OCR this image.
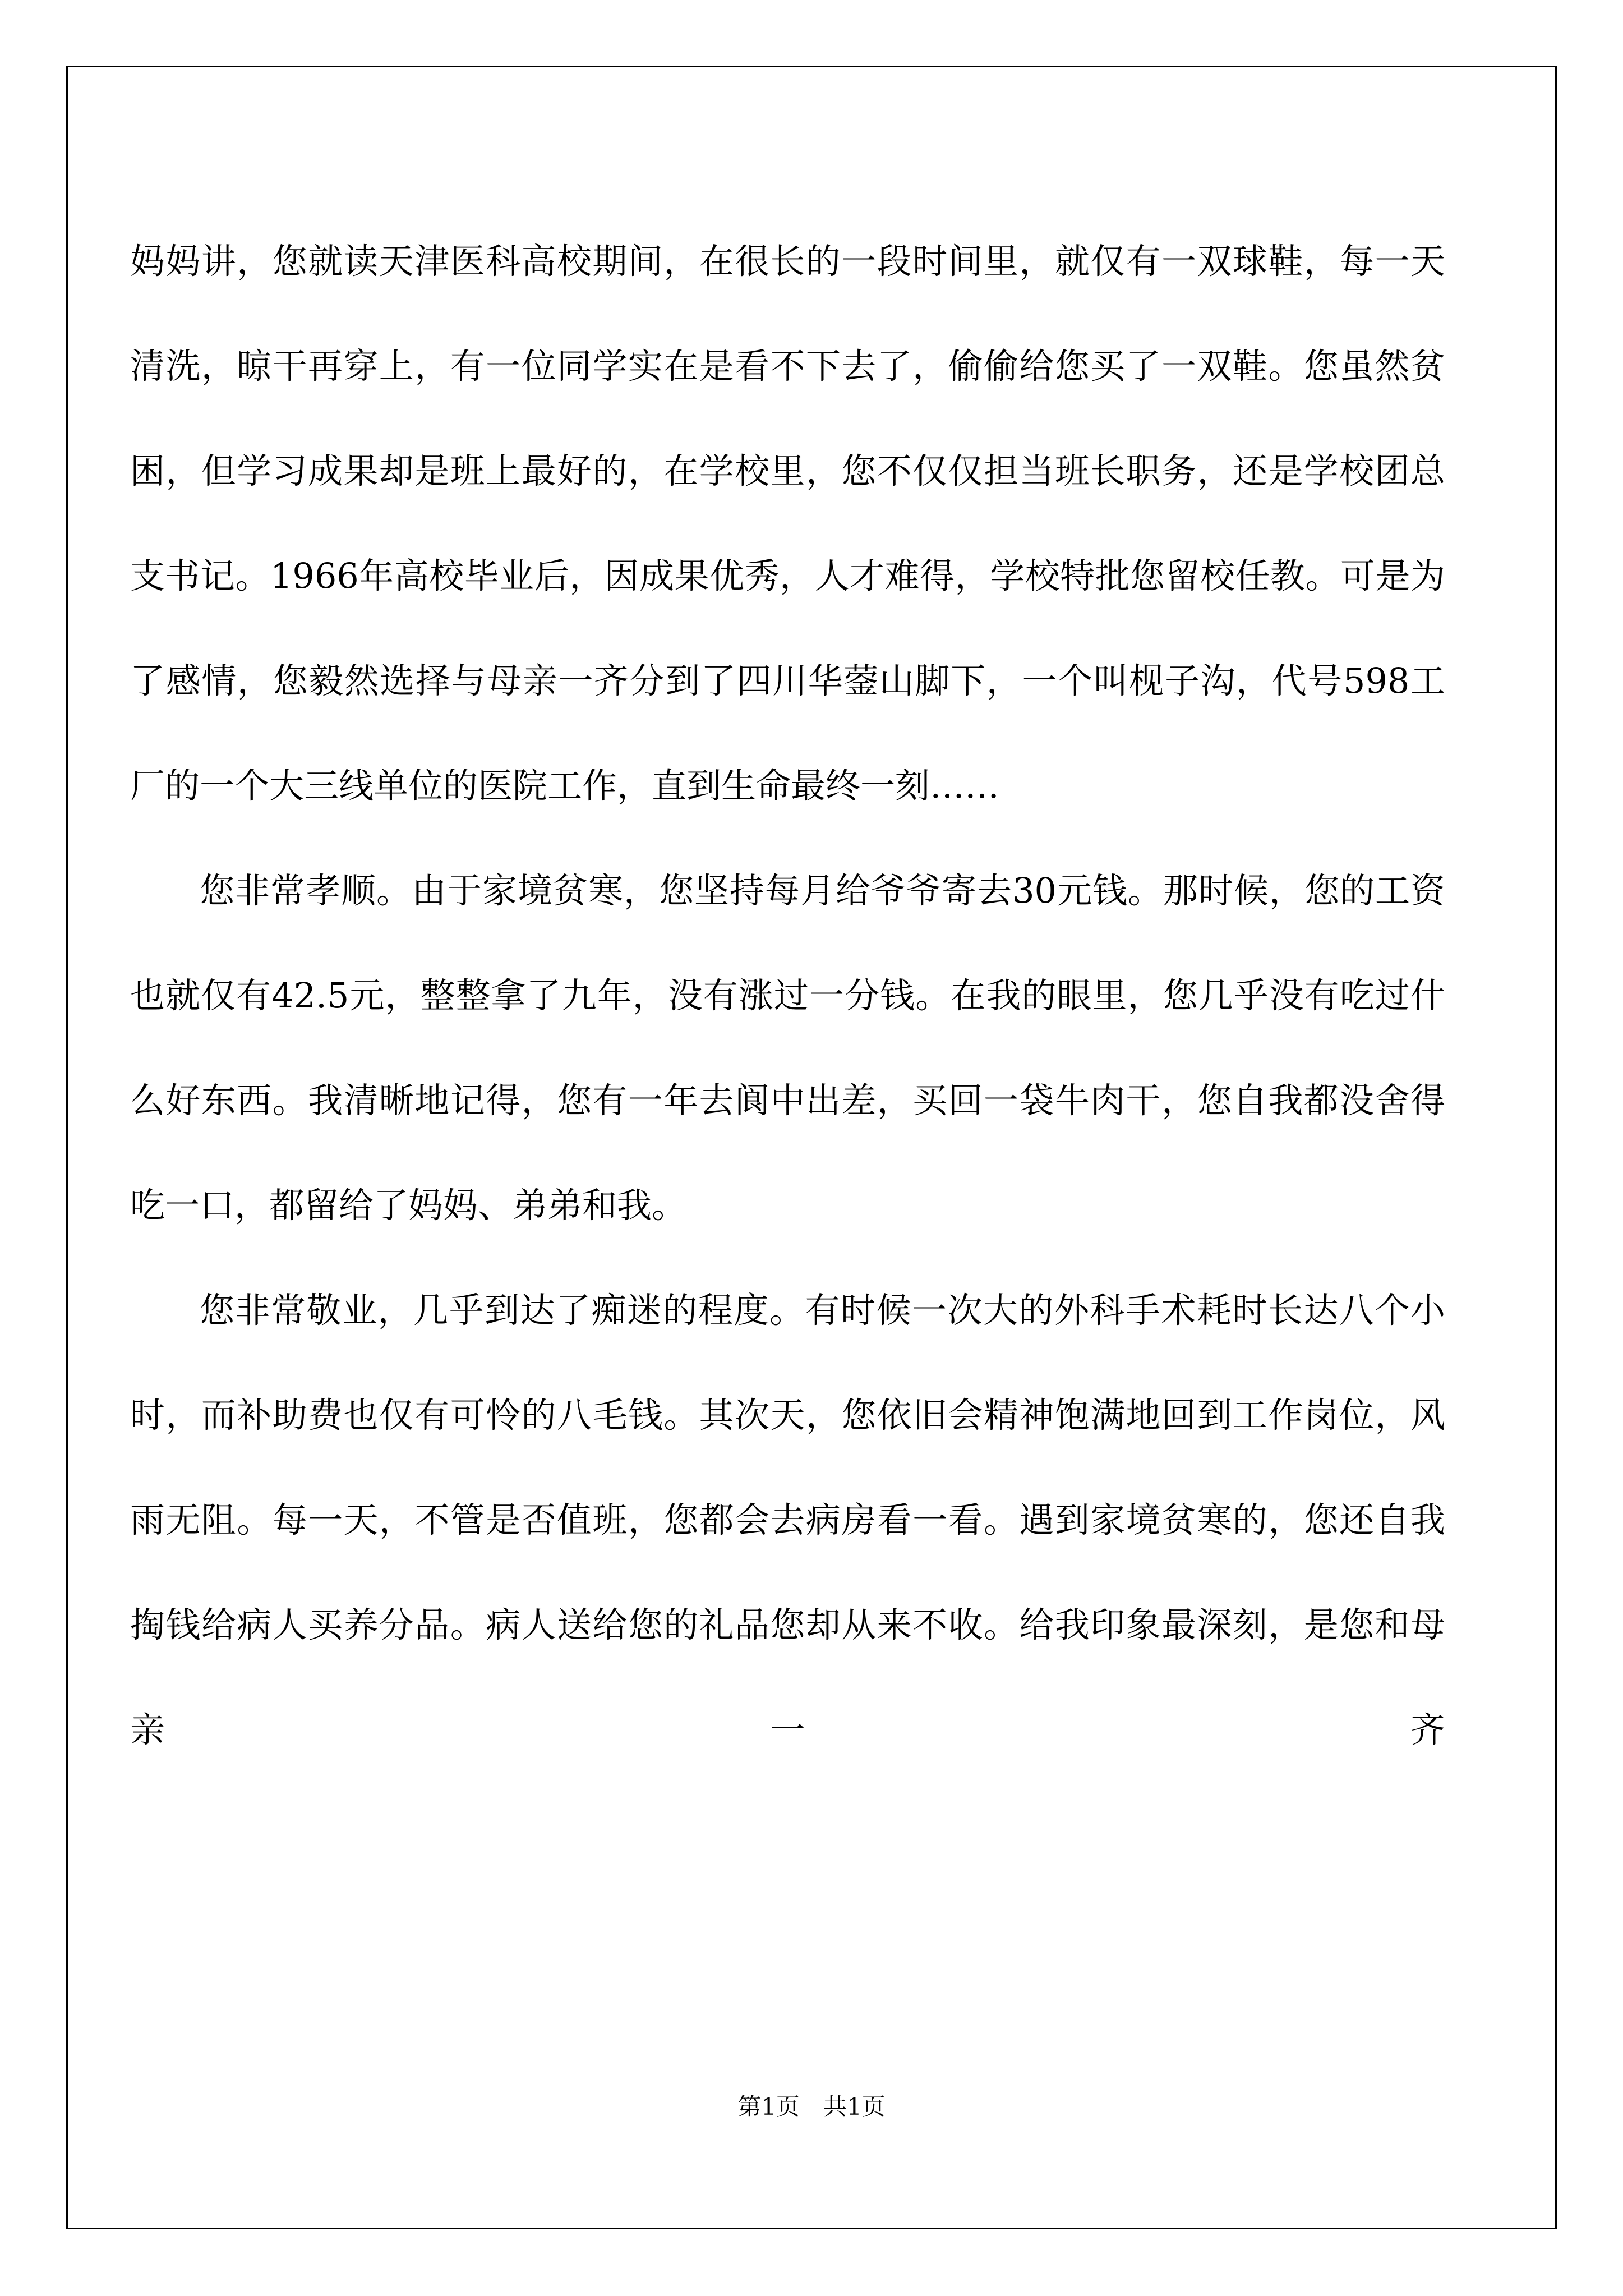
妈妈讲，您就读天津医科高校期间，在很长的一段时间里，就仅有一双球鞋，每一天清洗，晾干再穿上，有一位同学实在是看不下去了，偷偷给您买了一双鞋。您虽然贫困，但学习成果却是班上最好的，在学校里，您不仅仅担当班长职务，还是学校团总支书记。1966年高校毕业后，因成果优秀，人才难得，学校特批您留校任教。可是为了感情，您毅然选择与母亲一齐分到了四川华蓥山脚下，一个叫枧子沟，代号598工厂的一个大三线单位的医院工作，直到生命最终一刻……

您非常孝顺。由于家境贫寒，您坚持每月给爷爷寄去30元钱。那时候，您的工资也就仅有42.5元，整整拿了九年，没有涨过一分钱。在我的眼里，您几乎没有吃过什么好东西。我清晰地记得，您有一年去阆中出差，买回一袋牛肉干，您自我都没舍得吃一口，都留给了妈妈、弟弟和我。

您非常敬业，几乎到达了痴迷的程度。有时候一次大的外科手术耗时长达八个小时，而补助费也仅有可怜的八毛钱。其次天，您依旧会精神饱满地回到工作岗位，风雨无阻。每一天，不管是否值班，您都会去病房看一看。遇到家境贫寒的，您还自我掏钱给病人买养分品。病人送给您的礼品您却从来不收。给我印象最深刻，是您和母亲一齐

第1页　共1页
